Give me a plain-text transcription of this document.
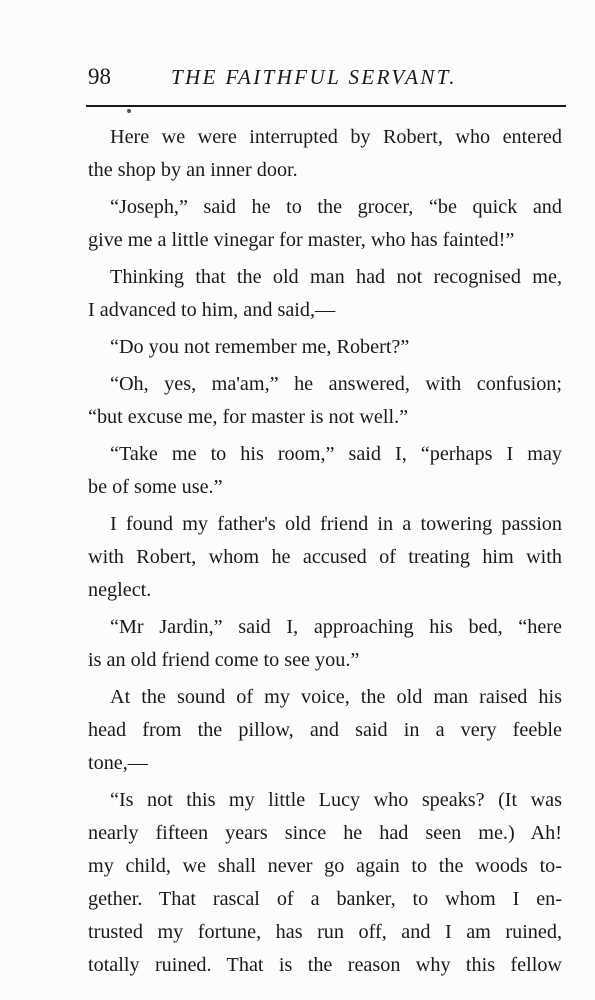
98	THE FAITHFUL SERVANT.
Here we were interrupted by Robert, who entered
the shop by an inner door.
“Joseph,” said he to the grocer, “be quick and
give me a little vinegar for master, who has fainted!”
Thinking that the old man had not recognised me,
I advanced to him, and said,—
“Do you not remember me, Robert?”
“Oh, yes, ma'am,” he answered, with confusion;
“but excuse me, for master is not well.”
“Take me to his room,” said I, “perhaps I may
be of some use.”
I found my father's old friend in a towering passion
with Robert, whom he accused of treating him with
neglect.
“Mr Jardin,” said I, approaching his bed, “here
is an old friend come to see you.”
At the sound of my voice, the old man raised his
head from the pillow, and said in a very feeble
tone,—
“Is not this my little Lucy who speaks? (It was
nearly fifteen years since he had seen me.) Ah!
my child, we shall never go again to the woods to-
gether. That rascal of a banker, to whom I en-
trusted my fortune, has run off, and I am ruined,
totally ruined. That is the reason why this fellow
